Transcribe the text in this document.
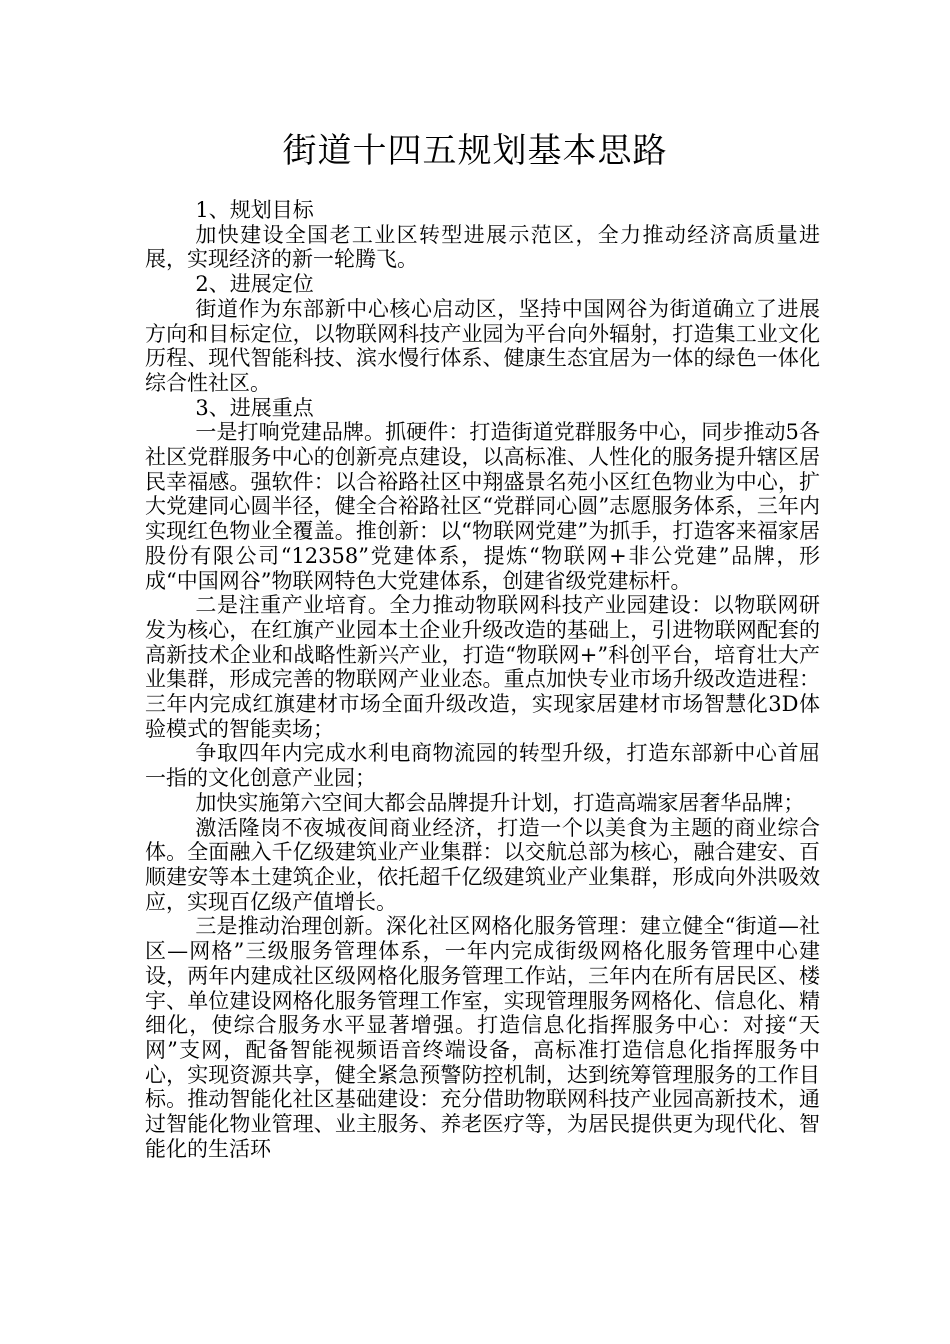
街道十四五规划基本思路

1、规划目标

加快建设全国老工业区转型进展示范区，全力推动经济高质量进展，实现经济的新一轮腾飞。

2、进展定位

街道作为东部新中心核心启动区，坚持中国网谷为街道确立了进展方向和目标定位，以物联网科技产业园为平台向外辐射，打造集工业文化历程、现代智能科技、滨水慢行体系、健康生态宜居为一体的绿色一体化综合性社区。

3、进展重点

一是打响党建品牌。抓硬件：打造街道党群服务中心，同步推动5各社区党群服务中心的创新亮点建设，以高标准、人性化的服务提升辖区居民幸福感。强软件：以合裕路社区中翔盛景名苑小区红色物业为中心，扩大党建同心圆半径，健全合裕路社区“党群同心圆”志愿服务体系，三年内实现红色物业全覆盖。推创新：以“物联网党建”为抓手，打造客来福家居股份有限公司“12358”党建体系，提炼“物联网+非公党建”品牌，形成“中国网谷”物联网特色大党建体系，创建省级党建标杆。

二是注重产业培育。全力推动物联网科技产业园建设：以物联网研发为核心，在红旗产业园本土企业升级改造的基础上，引进物联网配套的高新技术企业和战略性新兴产业，打造“物联网+”科创平台，培育壮大产业集群，形成完善的物联网产业业态。重点加快专业市场升级改造进程：三年内完成红旗建材市场全面升级改造，实现家居建材市场智慧化3D体验模式的智能卖场；

争取四年内完成水利电商物流园的转型升级，打造东部新中心首屈一指的文化创意产业园；

加快实施第六空间大都会品牌提升计划，打造高端家居奢华品牌；

激活隆岗不夜城夜间商业经济，打造一个以美食为主题的商业综合体。全面融入千亿级建筑业产业集群：以交航总部为核心，融合建安、百顺建安等本土建筑企业，依托超千亿级建筑业产业集群，形成向外洪吸效应，实现百亿级产值增长。

三是推动治理创新。深化社区网格化服务管理：建立健全“街道—社区—网格”三级服务管理体系，一年内完成街级网格化服务管理中心建设，两年内建成社区级网格化服务管理工作站，三年内在所有居民区、楼宇、单位建设网格化服务管理工作室，实现管理服务网格化、信息化、精细化，使综合服务水平显著增强。打造信息化指挥服务中心：对接“天网”支网，配备智能视频语音终端设备，高标准打造信息化指挥服务中心，实现资源共享，健全紧急预警防控机制，达到统筹管理服务的工作目标。推动智能化社区基础建设：充分借助物联网科技产业园高新技术，通过智能化物业管理、业主服务、养老医疗等，为居民提供更为现代化、智能化的生活环
